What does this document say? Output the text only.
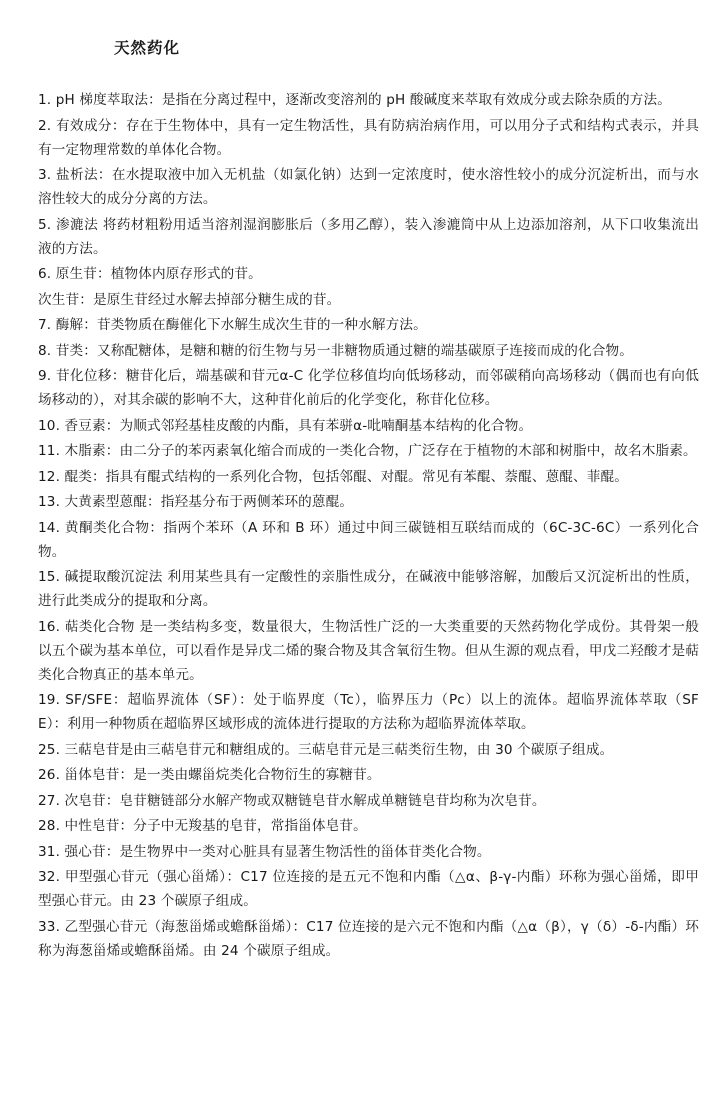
天然药化

1. pH 梯度萃取法：是指在分离过程中，逐渐改变溶剂的 pH 酸碱度来萃取有效成分或去除杂质的方法。

2. 有效成分：存在于生物体中，具有一定生物活性，具有防病治病作用，可以用分子式和结构式表示，并具有一定物理常数的单体化合物。

3. 盐析法：在水提取液中加入无机盐（如氯化钠）达到一定浓度时，使水溶性较小的成分沉淀析出，而与水溶性较大的成分分离的方法。

5. 渗漉法 将药材粗粉用适当溶剂湿润膨胀后（多用乙醇），装入渗漉筒中从上边添加溶剂，从下口收集流出液的方法。

6. 原生苷：植物体内原存形式的苷。

次生苷：是原生苷经过水解去掉部分糖生成的苷。

7. 酶解：苷类物质在酶催化下水解生成次生苷的一种水解方法。

8. 苷类：又称配糖体，是糖和糖的衍生物与另一非糖物质通过糖的端基碳原子连接而成的化合物。

9. 苷化位移：糖苷化后，端基碳和苷元α-C 化学位移值均向低场移动，而邻碳稍向高场移动（偶而也有向低场移动的），对其余碳的影响不大，这种苷化前后的化学变化，称苷化位移。

10. 香豆素：为顺式邻羟基桂皮酸的内酯，具有苯骈α-吡喃酮基本结构的化合物。

11. 木脂素：由二分子的苯丙素氧化缩合而成的一类化合物，广泛存在于植物的木部和树脂中，故名木脂素。

12. 醌类：指具有醌式结构的一系列化合物，包括邻醌、对醌。常见有苯醌、萘醌、蒽醌、菲醌。

13. 大黄素型蒽醌：指羟基分布于两侧苯环的蒽醌。

14. 黄酮类化合物：指两个苯环（A 环和 B 环）通过中间三碳链相互联结而成的（6C-3C-6C）一系列化合物。

15. 碱提取酸沉淀法 利用某些具有一定酸性的亲脂性成分，在碱液中能够溶解，加酸后又沉淀析出的性质，进行此类成分的提取和分离。

16. 萜类化合物 是一类结构多变，数量很大，生物活性广泛的一大类重要的天然药物化学成份。其骨架一般以五个碳为基本单位，可以看作是异戊二烯的聚合物及其含氧衍生物。但从生源的观点看，甲戊二羟酸才是萜类化合物真正的基本单元。

19. SF/SFE：超临界流体（SF）：处于临界度（Tc），临界压力（Pc）以上的流体。超临界流体萃取（SFE）：利用一种物质在超临界区域形成的流体进行提取的方法称为超临界流体萃取。

25. 三萜皂苷是由三萜皂苷元和糖组成的。三萜皂苷元是三萜类衍生物，由 30 个碳原子组成。

26. 甾体皂苷：是一类由螺甾烷类化合物衍生的寡糖苷。

27. 次皂苷：皂苷糖链部分水解产物或双糖链皂苷水解成单糖链皂苷均称为次皂苷。

28. 中性皂苷：分子中无羧基的皂苷，常指甾体皂苷。

31. 强心苷：是生物界中一类对心脏具有显著生物活性的甾体苷类化合物。

32. 甲型强心苷元（强心甾烯）：C17 位连接的是五元不饱和内酯（△α、β-γ-内酯）环称为强心甾烯，即甲型强心苷元。由 23 个碳原子组成。

33. 乙型强心苷元（海葱甾烯或蟾酥甾烯）：C17 位连接的是六元不饱和内酯（△α（β），γ（δ）-δ-内酯）环称为海葱甾烯或蟾酥甾烯。由 24 个碳原子组成。
